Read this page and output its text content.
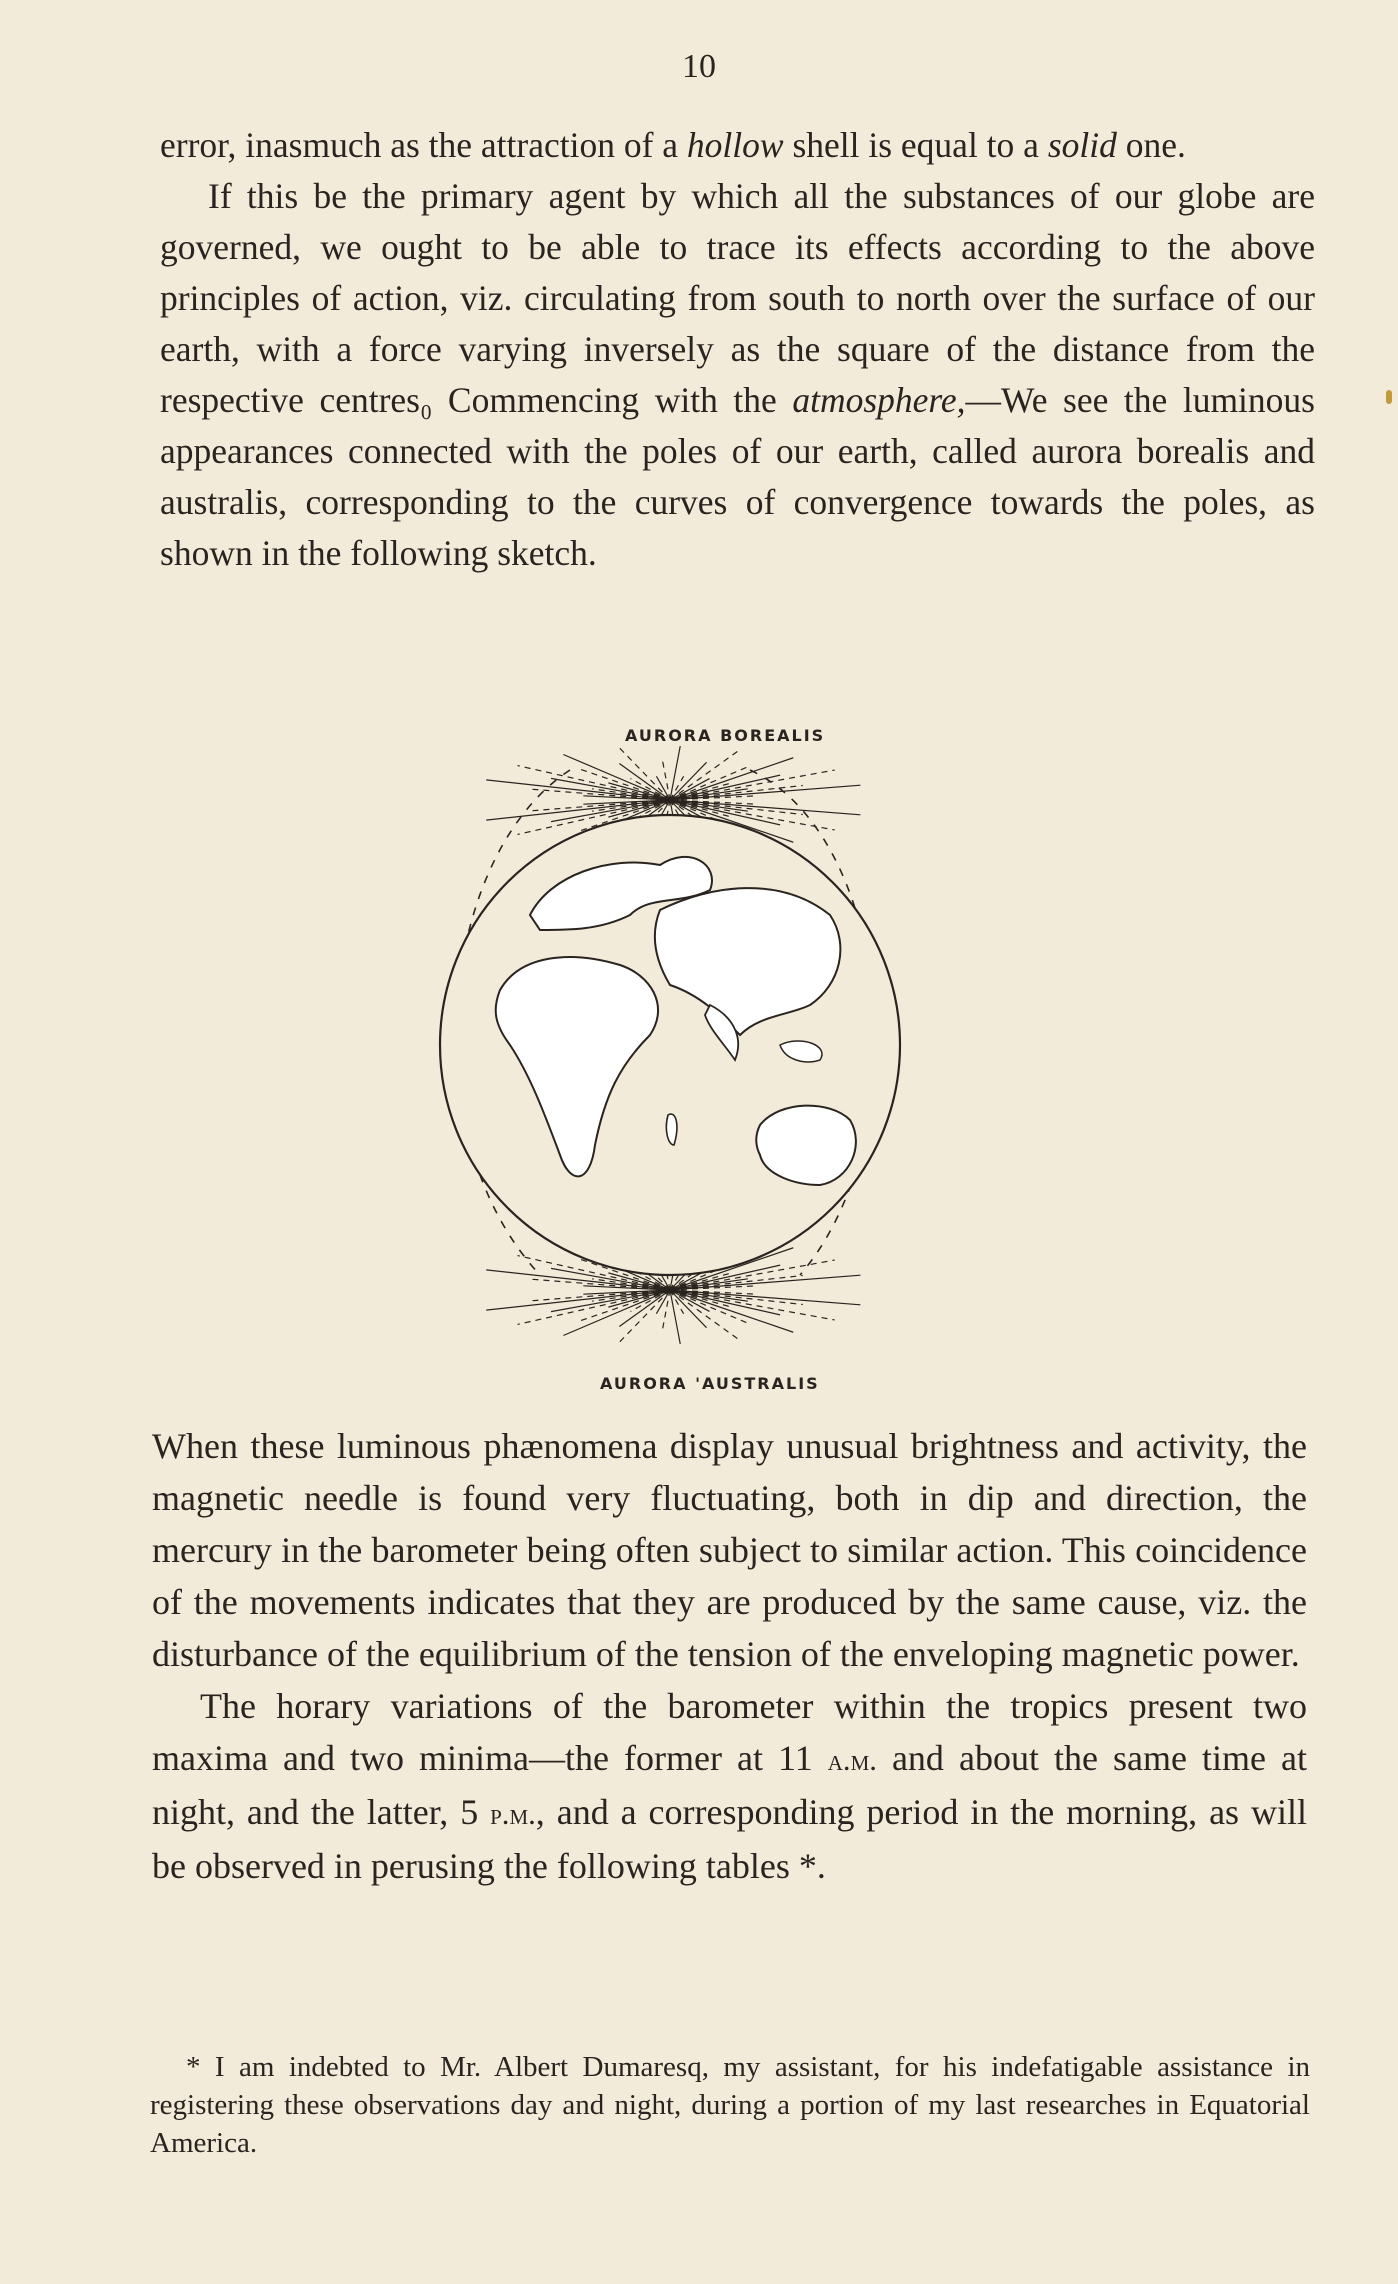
10

error, inasmuch as the attraction of a hollow shell is equal to a solid one.

If this be the primary agent by which all the substances of our globe are governed, we ought to be able to trace its effects according to the above principles of action, viz. circulating from south to north over the surface of our earth, with a force varying inversely as the square of the distance from the respective centres₀ Commencing with the atmosphere,—We see the luminous appearances connected with the poles of our earth, called aurora borealis and australis, corresponding to the curves of convergence towards the poles, as shown in the following sketch.

AURORA BOREALIS
AURORA 'AUSTRALIS

When these luminous phænomena display unusual brightness and activity, the magnetic needle is found very fluctuating, both in dip and direction, the mercury in the barometer being often subject to similar action. This coincidence of the movements indicates that they are produced by the same cause, viz. the disturbance of the equilibrium of the tension of the enveloping magnetic power.

The horary variations of the barometer within the tropics present two maxima and two minima—the former at 11 a.m. and about the same time at night, and the latter, 5 p.m., and a corresponding period in the morning, as will be observed in perusing the following tables *.

* I am indebted to Mr. Albert Dumaresq, my assistant, for his indefatigable assistance in registering these observations day and night, during a portion of my last researches in Equatorial America.
